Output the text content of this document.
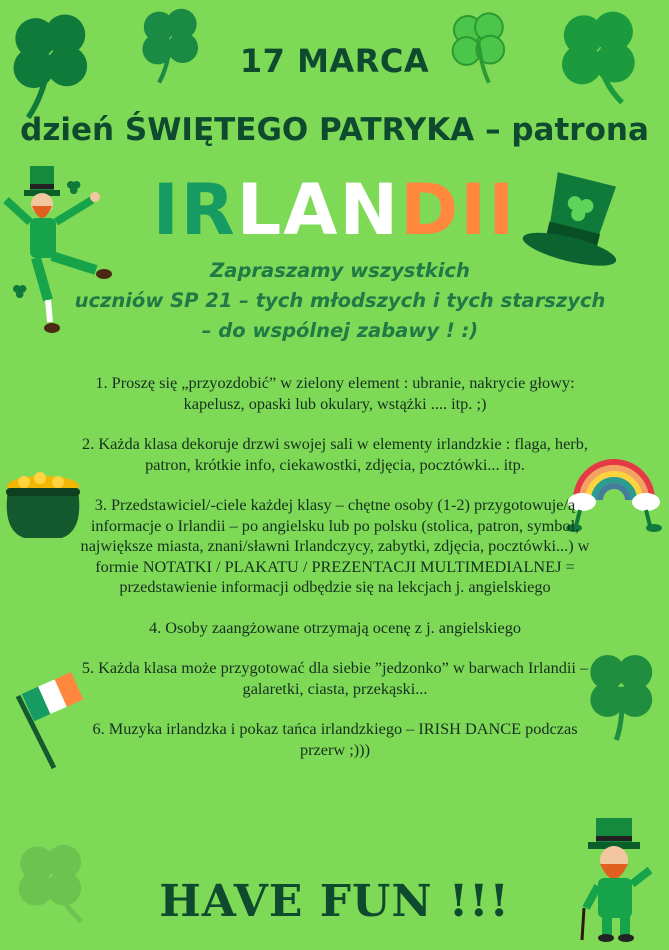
17 MARCA
dzień ŚWIĘTEGO PATRYKA – patrona
IRLANDII
Zapraszamy wszystkich
uczniów SP 21 – tych młodszych i tych starszych
– do wspólnej zabawy ! :)

1. Proszę się „przyozdobić” w zielony element : ubranie, nakrycie głowy: kapelusz, opaski lub okulary, wstążki .... itp. ;)

2. Każda klasa dekoruje drzwi swojej sali w elementy irlandzkie : flaga, herb, patron, krótkie info, ciekawostki, zdjęcia, pocztówki... itp.

3. Przedstawiciel/-ciele każdej klasy – chętne osoby (1-2) przygotowuje/ą informacje o Irlandii – po angielsku lub po polsku (stolica, patron, symbol, największe miasta, znani/sławni Irlandczycy, zabytki, zdjęcia, pocztówki...) w formie NOTATKI / PLAKATU / PREZENTACJI MULTIMEDIALNEJ = przedstawienie informacji odbędzie się na lekcjach j. angielskiego

4. Osoby zaangżowane otrzymają ocenę z j. angielskiego

5. Każda klasa może przygotować dla siebie ”jedzonko” w barwach Irlandii – galaretki, ciasta, przekąski...

6. Muzyka irlandzka i pokaz tańca irlandzkiego – IRISH DANCE podczas przerw ;)))

HAVE FUN !!!
